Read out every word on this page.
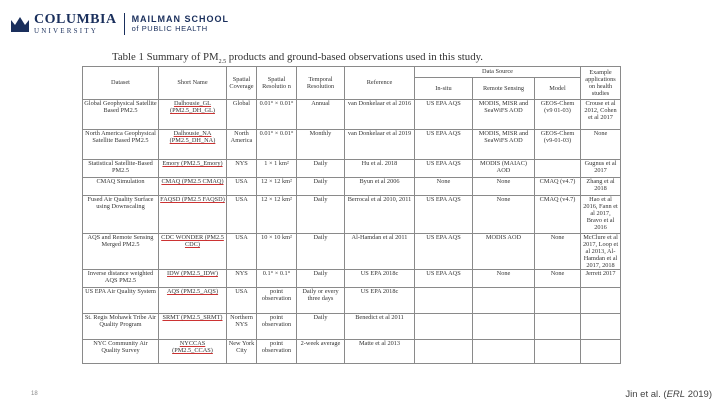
COLUMBIA
UNIVERSITY
MAILMAN SCHOOL
of PUBLIC HEALTH
Table 1 Summary of $PM_{2.5}$ products and ground-based observations used in this study.
Dataset	Short Name	Spatial Coverage	Spatial Resolutio n	Temporal Resolution	Reference	Data Source			Example applications on health studies
						In-situ	Remote Sensing	Model	
Global Geophysical Satellite Based PM2.5	Dalhousie_GL (PM2.5_DH_GL)	Global	0.01° × 0.01°	Annual	van Donkelaar et al 2016	US EPA AQS	MODIS, MISR and SeaWiFS AOD	GEOS-Chem (v9 01-03)	Crouse et al 2012, Cohen et al 2017
North America Geophysical Satellite Based PM2.5	Dalhousie_NA (PM2.5_DH_NA)	North America	0.01° × 0.01°	Monthly	van Donkelaar et al 2019	US EPA AQS	MODIS, MISR and SeaWiFS AOD	GEOS-Chem (v9-01-03)	None
Statistical Satellite-Based PM2.5	Emory (PM2.5_Emory)	NYS	1 × 1 km²	Daily	Hu et al. 2018	US EPA AQS	MODIS (MAIAC) AOD		Gugnus et al 2017
CMAQ Simulation	CMAQ (PM2.5 CMAQ)	USA	12 × 12 km²	Daily	Byun et al 2006	None	None	CMAQ (v4.7)	Zhang et al 2018
Fused Air Quality Surface using Downscaling	FAQSD (PM2.5 FAQSD)	USA	12 × 12 km²	Daily	Berrocal et al 2010, 2011	US EPA AQS	None	CMAQ (v4.7)	Hao et al 2016, Fann et al 2017, Bravo et al 2016
AQS and Remote Sensing Merged PM2.5	CDC WONDER (PM2.5 CDC)	USA	10 × 10 km²	Daily	Al-Hamdan et al 2011	US EPA AQS	MODIS AOD	None	McClure et al 2017, Loop et al 2013, Al-Hamdan et al 2017, 2018
Inverse distance weighted AQS PM2.5	IDW (PM2.5_IDW)	NYS	0.1° × 0.1°	Daily	US EPA 2018c	US EPA AQS	None	None	Jerrett 2017
US EPA Air Quality System	AQS (PM2.5_AQS)	USA	point observation	Daily or every three days	US EPA 2018c				
St. Regis Mohawk Tribe Air Quality Program	SRMT (PM2.5_SRMT)	Northern NYS	point observation	Daily	Benedict et al 2011				
NYC Community Air Quality Survey	NYCCAS (PM2.5_CCAS)	New York City	point observation	2-week average	Matte et al 2013				
18	Jin et al. (ERL 2019)
